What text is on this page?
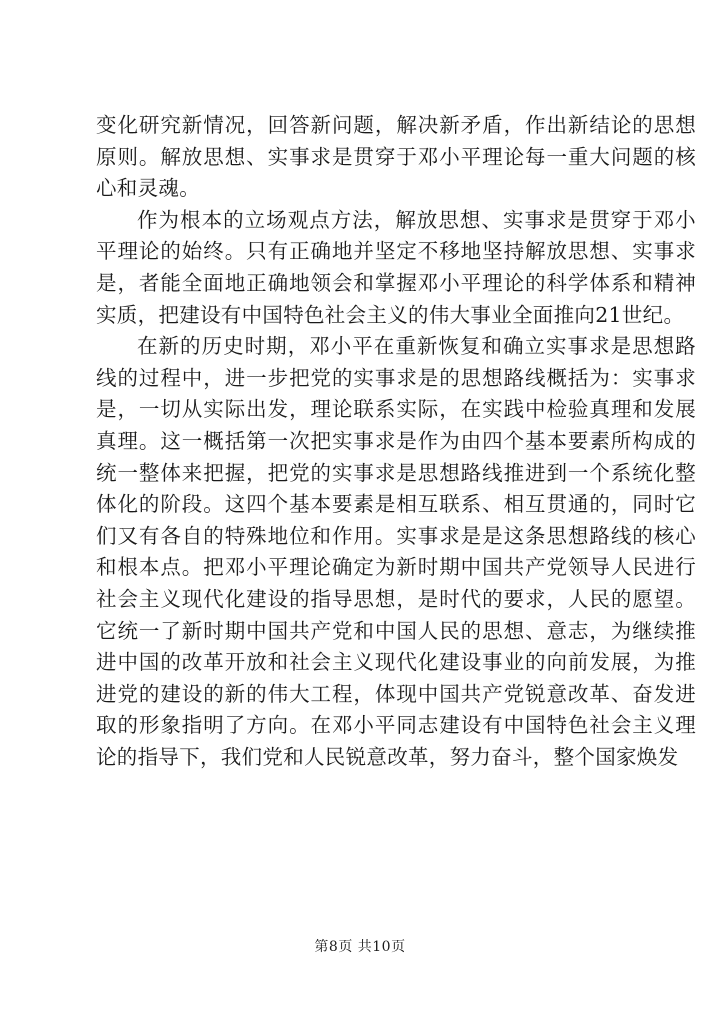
变化研究新情况，回答新问题，解决新矛盾，作出新结论的思想原则。解放思想、实事求是贯穿于邓小平理论每一重大问题的核心和灵魂。

作为根本的立场观点方法，解放思想、实事求是贯穿于邓小平理论的始终。只有正确地并坚定不移地坚持解放思想、实事求是，者能全面地正确地领会和掌握邓小平理论的科学体系和精神实质，把建设有中国特色社会主义的伟大事业全面推向21世纪。

在新的历史时期，邓小平在重新恢复和确立实事求是思想路线的过程中，进一步把党的实事求是的思想路线概括为：实事求是，一切从实际出发，理论联系实际，在实践中检验真理和发展真理。这一概括第一次把实事求是作为由四个基本要素所构成的统一整体来把握，把党的实事求是思想路线推进到一个系统化整体化的阶段。这四个基本要素是相互联系、相互贯通的，同时它们又有各自的特殊地位和作用。实事求是是这条思想路线的核心和根本点。把邓小平理论确定为新时期中国共产党领导人民进行社会主义现代化建设的指导思想，是时代的要求，人民的愿望。它统一了新时期中国共产党和中国人民的思想、意志，为继续推进中国的改革开放和社会主义现代化建设事业的向前发展，为推进党的建设的新的伟大工程，体现中国共产党锐意改革、奋发进取的形象指明了方向。在邓小平同志建设有中国特色社会主义理论的指导下，我们党和人民锐意改革，努力奋斗，整个国家焕发

第8页 共10页
